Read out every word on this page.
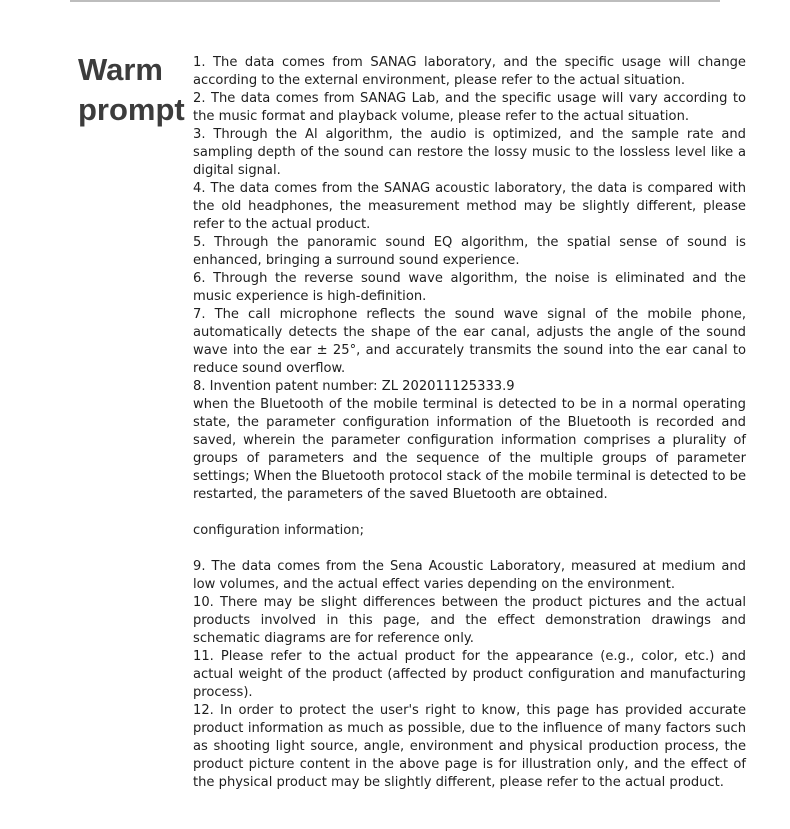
Warm
prompt

1. The data comes from SANAG laboratory, and the specific usage will change according to the external environment, please refer to the actual situation.

2. The data comes from SANAG Lab, and the specific usage will vary according to the music format and playback volume, please refer to the actual situation.

3. Through the Al algorithm, the audio is optimized, and the sample rate and sampling depth of the sound can restore the lossy music to the lossless level like a digital signal.

4. The data comes from the SANAG acoustic laboratory, the data is compared with the old headphones, the measurement method may be slightly different, please refer to the actual product.

5. Through the panoramic sound EQ algorithm, the spatial sense of sound is enhanced, bringing a surround sound experience.

6. Through the reverse sound wave algorithm, the noise is eliminated and the music experience is high-definition.

7. The call microphone reflects the sound wave signal of the mobile phone, automatically detects the shape of the ear canal, adjusts the angle of the sound wave into the ear ± 25°, and accurately transmits the sound into the ear canal to reduce sound overflow.

8. Invention patent number: ZL 202011125333.9

when the Bluetooth of the mobile terminal is detected to be in a normal operating state, the parameter configuration information of the Bluetooth is recorded and saved, wherein the parameter configuration information comprises a plurality of groups of parameters and the sequence of the multiple groups of parameter settings; When the Bluetooth protocol stack of the mobile terminal is detected to be restarted, the parameters of the saved Bluetooth are obtained.

configuration information;

9. The data comes from the Sena Acoustic Laboratory, measured at medium and low volumes, and the actual effect varies depending on the environment.

10. There may be slight differences between the product pictures and the actual products involved in this page, and the effect demonstration drawings and schematic diagrams are for reference only.

11. Please refer to the actual product for the appearance (e.g., color, etc.) and actual weight of the product (affected by product configuration and manufacturing process).

12. In order to protect the user's right to know, this page has provided accurate product information as much as possible, due to the influence of many factors such as shooting light source, angle, environment and physical production process, the product picture content in the above page is for illustration only, and the effect of the physical product may be slightly different, please refer to the actual product.
